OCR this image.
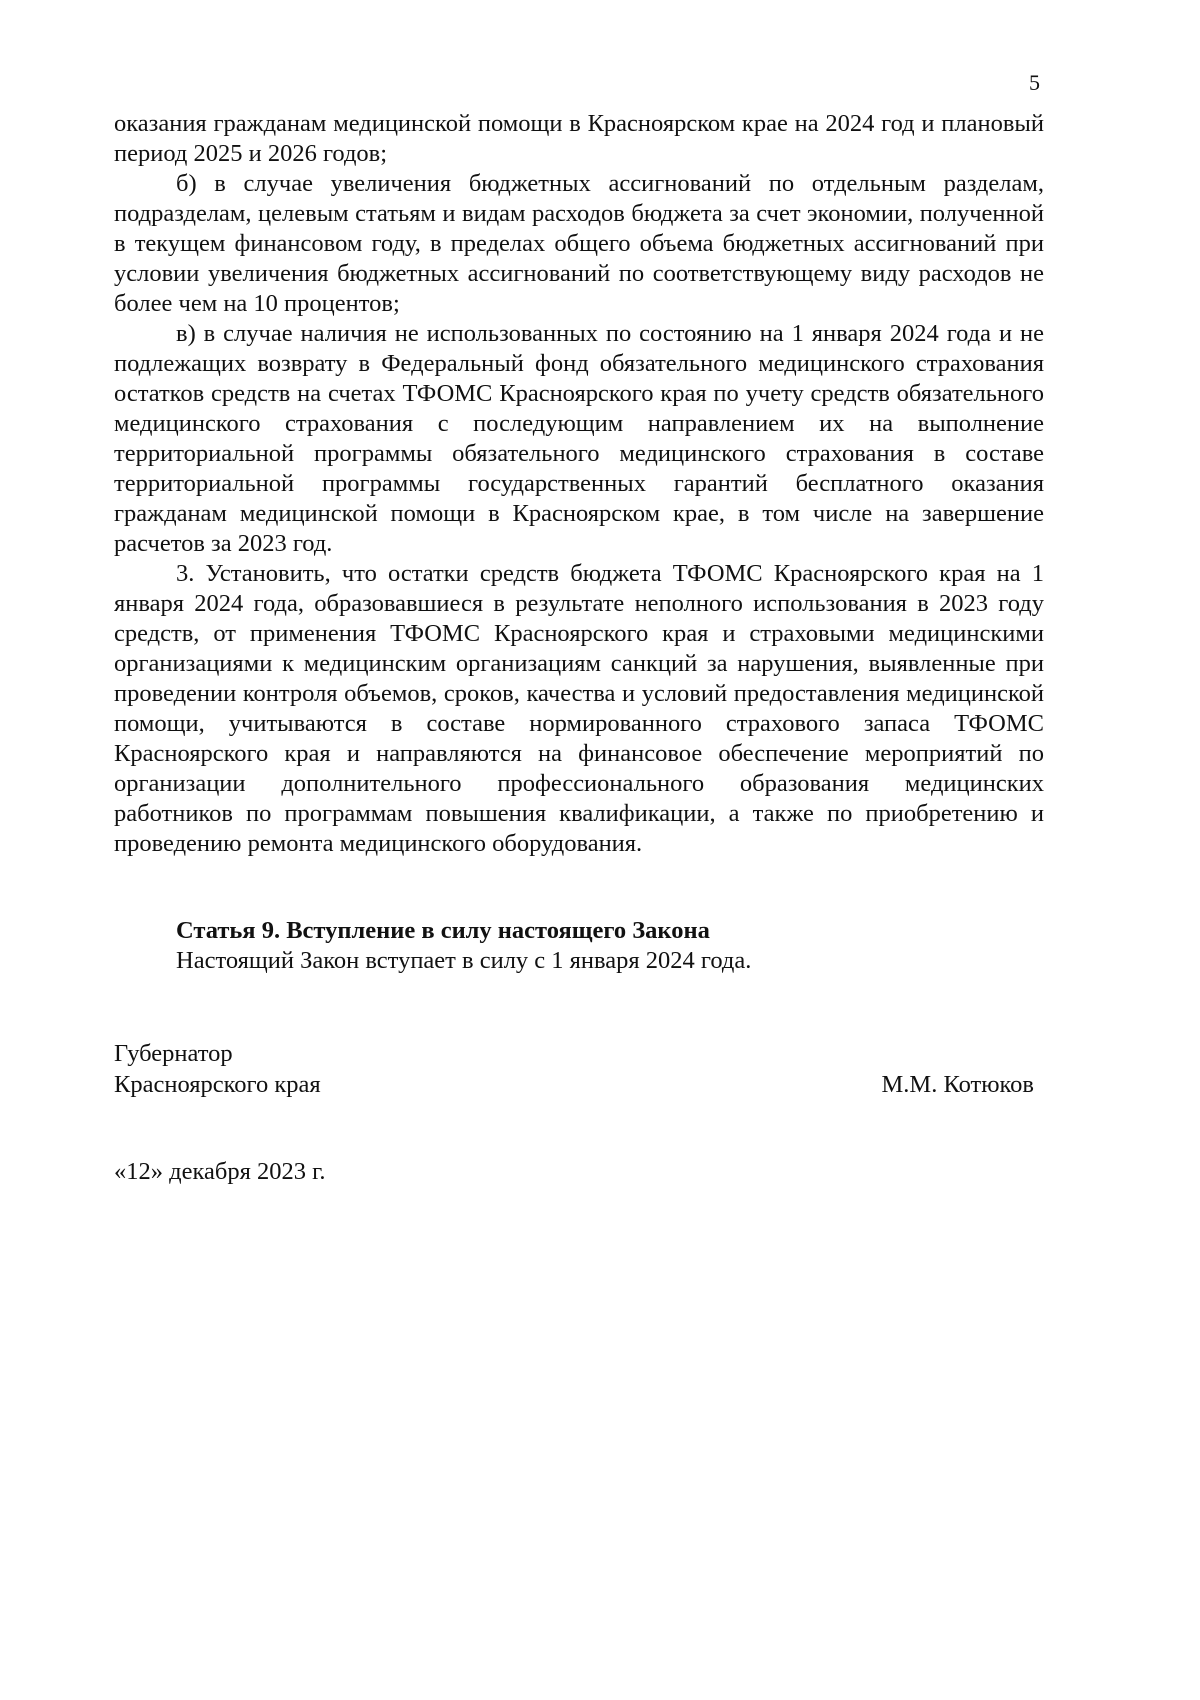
5

оказания гражданам медицинской помощи в Красноярском крае на 2024 год и плановый период 2025 и 2026 годов;

б) в случае увеличения бюджетных ассигнований по отдельным разделам, подразделам, целевым статьям и видам расходов бюджета за счет экономии, полученной в текущем финансовом году, в пределах общего объема бюджетных ассигнований при условии увеличения бюджетных ассигнований по соответствующему виду расходов не более чем на 10 процентов;

в) в случае наличия не использованных по состоянию на 1 января 2024 года и не подлежащих возврату в Федеральный фонд обязательного медицинского страхования остатков средств на счетах ТФОМС Красноярского края по учету средств обязательного медицинского страхования с последующим направлением их на выполнение территориальной программы обязательного медицинского страхования в составе территориальной программы государственных гарантий бесплатного оказания гражданам медицинской помощи в Красноярском крае, в том числе на завершение расчетов за 2023 год.

3. Установить, что остатки средств бюджета ТФОМС Красноярского края на 1 января 2024 года, образовавшиеся в результате неполного использования в 2023 году средств, от применения ТФОМС Красноярского края и страховыми медицинскими организациями к медицинским организациям санкций за нарушения, выявленные при проведении контроля объемов, сроков, качества и условий предоставления медицинской помощи, учитываются в составе нормированного страхового запаса ТФОМС Красноярского края и направляются на финансовое обеспечение мероприятий по организации дополнительного профессионального образования медицинских работников по программам повышения квалификации, а также по приобретению и проведению ремонта медицинского оборудования.

Статья 9. Вступление в силу настоящего Закона

Настоящий Закон вступает в силу с 1 января 2024 года.

Губернатор
Красноярского края	М.М. Котюков
«12» декабря 2023 г.
